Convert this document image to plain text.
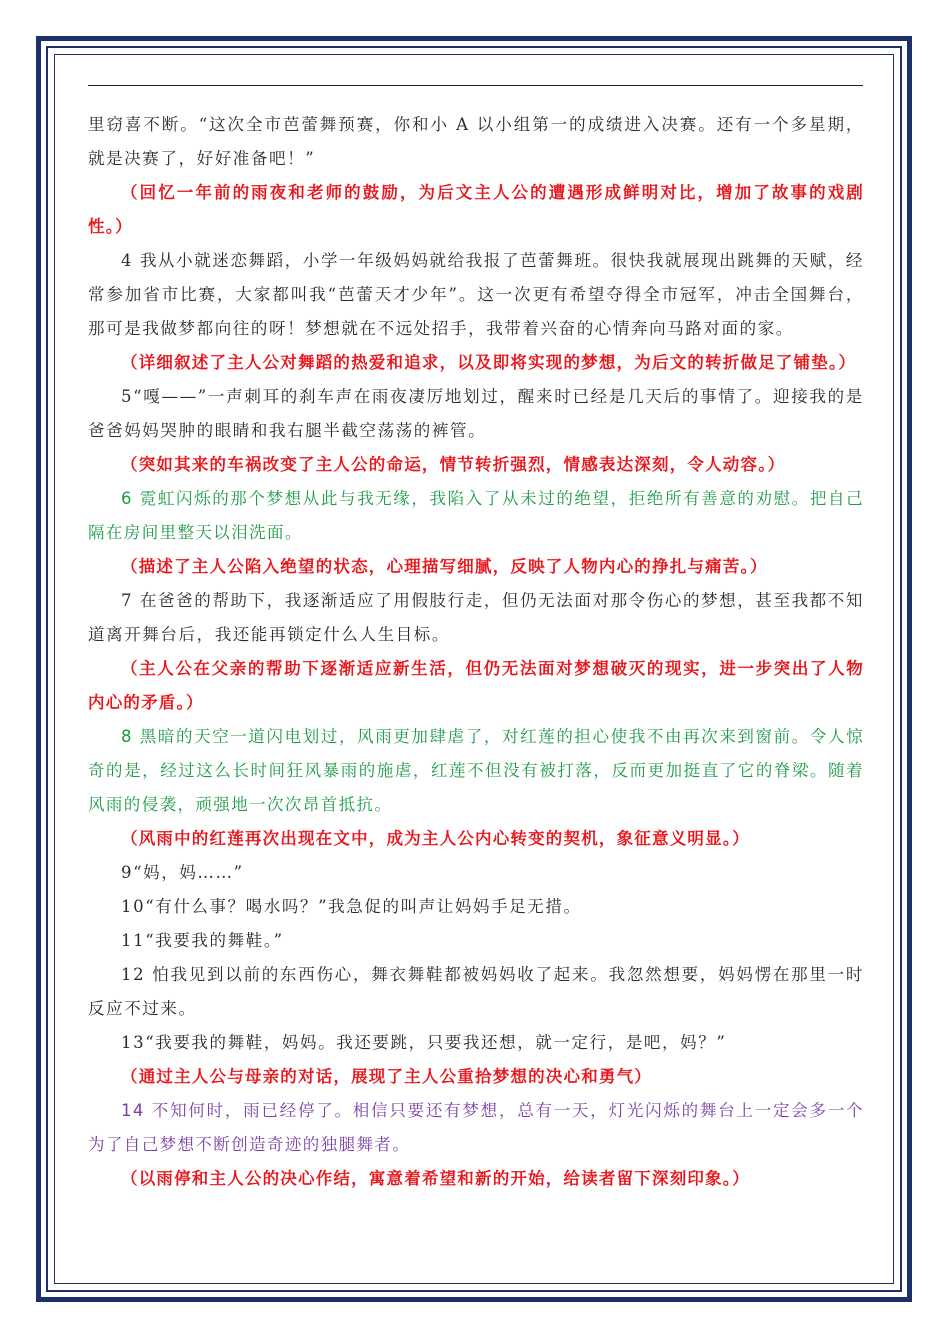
里窃喜不断。“这次全市芭蕾舞预赛，你和小 A 以小组第一的成绩进入决赛。还有一个多星期，就是决赛了，好好准备吧！”

（回忆一年前的雨夜和老师的鼓励，为后文主人公的遭遇形成鲜明对比，增加了故事的戏剧性。）

4 我从小就迷恋舞蹈，小学一年级妈妈就给我报了芭蕾舞班。很快我就展现出跳舞的天赋，经常参加省市比赛，大家都叫我“芭蕾天才少年”。这一次更有希望夺得全市冠军，冲击全国舞台，那可是我做梦都向往的呀！梦想就在不远处招手，我带着兴奋的心情奔向马路对面的家。

（详细叙述了主人公对舞蹈的热爱和追求，以及即将实现的梦想，为后文的转折做足了铺垫。）

5“嘎——”一声刺耳的刹车声在雨夜凄厉地划过，醒来时已经是几天后的事情了。迎接我的是爸爸妈妈哭肿的眼睛和我右腿半截空荡荡的裤管。

（突如其来的车祸改变了主人公的命运，情节转折强烈，情感表达深刻，令人动容。）

6 霓虹闪烁的那个梦想从此与我无缘，我陷入了从未过的绝望，拒绝所有善意的劝慰。把自己隔在房间里整天以泪洗面。

（描述了主人公陷入绝望的状态，心理描写细腻，反映了人物内心的挣扎与痛苦。）

7 在爸爸的帮助下，我逐渐适应了用假肢行走，但仍无法面对那令伤心的梦想，甚至我都不知道离开舞台后，我还能再锁定什么人生目标。

（主人公在父亲的帮助下逐渐适应新生活，但仍无法面对梦想破灭的现实，进一步突出了人物内心的矛盾。）

8 黑暗的天空一道闪电划过，风雨更加肆虐了，对红莲的担心使我不由再次来到窗前。令人惊奇的是，经过这么长时间狂风暴雨的施虐，红莲不但没有被打落，反而更加挺直了它的脊梁。随着风雨的侵袭，顽强地一次次昂首抵抗。

（风雨中的红莲再次出现在文中，成为主人公内心转变的契机，象征意义明显。）

9“妈，妈……”

10“有什么事？喝水吗？”我急促的叫声让妈妈手足无措。

11“我要我的舞鞋。”

12 怕我见到以前的东西伤心，舞衣舞鞋都被妈妈收了起来。我忽然想要，妈妈愣在那里一时反应不过来。

13“我要我的舞鞋，妈妈。我还要跳，只要我还想，就一定行，是吧，妈？”

（通过主人公与母亲的对话，展现了主人公重拾梦想的决心和勇气）

14 不知何时，雨已经停了。相信只要还有梦想，总有一天，灯光闪烁的舞台上一定会多一个为了自己梦想不断创造奇迹的独腿舞者。

（以雨停和主人公的决心作结，寓意着希望和新的开始，给读者留下深刻印象。）
